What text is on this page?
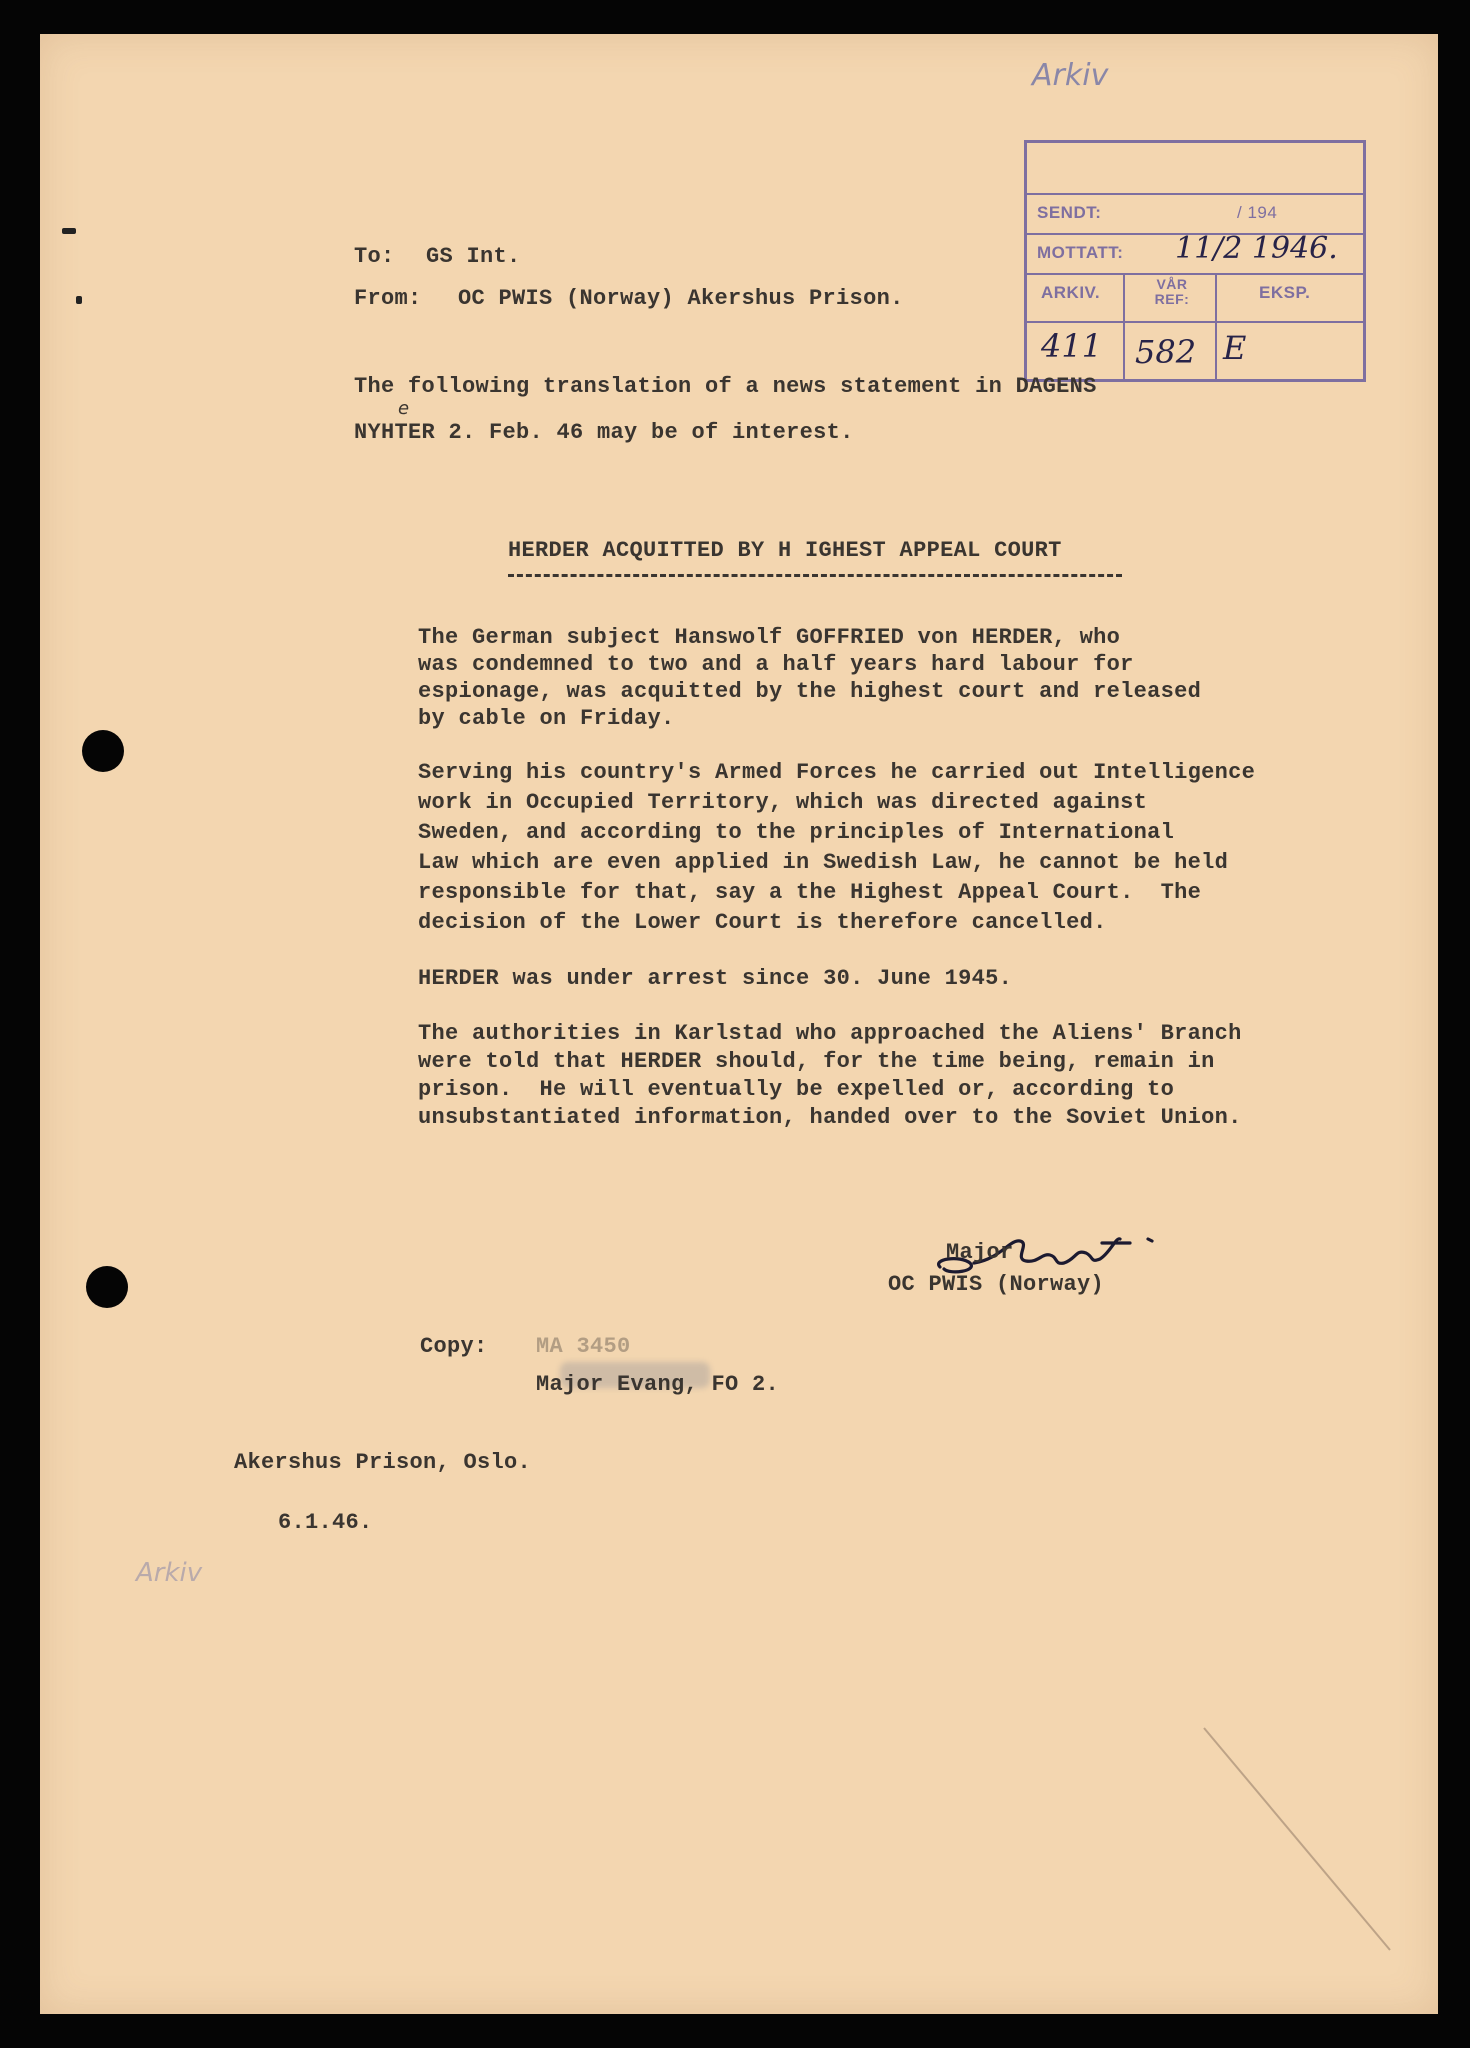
Arkiv
SENDT:	/ 194
MOTTATT: 11/2 1946.
ARKIV.	VÅR REF:	EKSP.
411 582 E
To: GS Int.
From: OC PWIS (Norway) Akershus Prison.
The following translation of a news statement in DAGENS
NYHTER 2. Feb. 46 may be of interest.
e
HERDER ACQUITTED BY H IGHEST APPEAL COURT
The German subject Hanswolf GOFFRIED von HERDER, who
was condemned to two and a half years hard labour for
espionage, was acquitted by the highest court and released
by cable on Friday.
Serving his country's Armed Forces he carried out Intelligence
work in Occupied Territory, which was directed against
Sweden, and according to the principles of International
Law which are even applied in Swedish Law, he cannot be held
responsible for that, say a the Highest Appeal Court.  The
decision of the Lower Court is therefore cancelled.
HERDER was under arrest since 30. June 1945.
The authorities in Karlstad who approached the Aliens' Branch
were told that HERDER should, for the time being, remain in
prison.  He will eventually be expelled or, according to
unsubstantiated information, handed over to the Soviet Union.
Major
OC PWIS (Norway)
Copy: MA 3450
Major Evang, FO 2.
Akershus Prison, Oslo.
6.1.46.
Arkiv
